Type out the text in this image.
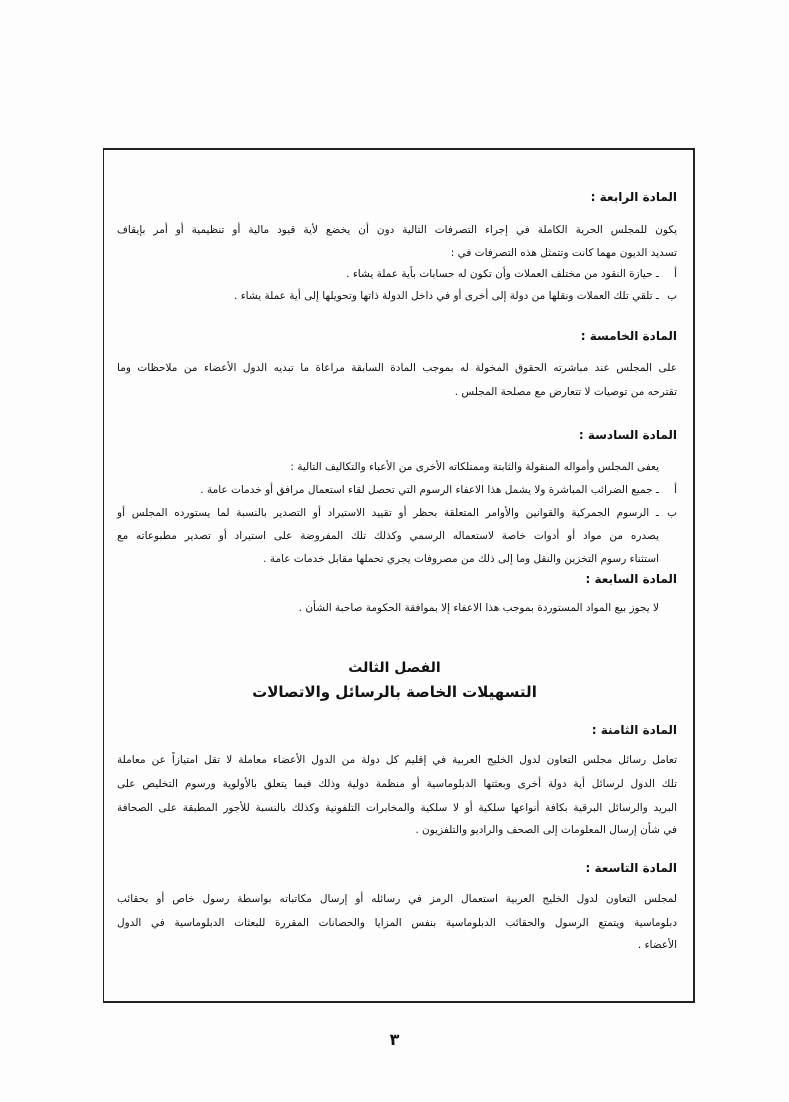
المادة الرابعة :
يكون للمجلس الحرية الكاملة في إجراء التصرفات التالية دون أن يخضع لأية قيود مالية أو تنظيمية أو أمر بإيقاف
تسديد الديون مهما كانت وتتمثل هذه التصرفات في :
أـ حيازة النقود من مختلف العملات وأن تكون له حسابات بأية عملة يشاء .
بـ تلقي تلك العملات ونقلها من دولة إلى أخرى أو في داخل الدولة ذاتها وتحويلها إلى أية عملة يشاء .
المادة الخامسة :
على المجلس عند مباشرته الحقوق المخولة له بموجب المادة السابقة مراعاة ما تبديه الدول الأعضاء من ملاحظات وما
تقترحه من توصيات لا تتعارض مع مصلحة المجلس .
المادة السادسة :
يعفى المجلس وأمواله المنقولة والثابتة وممتلكاته الأخرى من الأعباء والتكاليف التالية :
أـ جميع الضرائب المباشرة ولا يشمل هذا الاعفاء الرسوم التي تحصل لقاء استعمال مرافق أو خدمات عامة .
بـ الرسوم الجمركية والقوانين والأوامر المتعلقة بحظر أو تقييد الاستيراد أو التصدير بالنسبة لما يستورده المجلس أو
يصدره من مواد أو أدوات خاصة لاستعماله الرسمي وكذلك تلك المفروضة على استيراد أو تصدير مطبوعاته مع
استثناء رسوم التخزين والنقل وما إلى ذلك من مصروفات يجري تحملها مقابل خدمات عامة .
المادة السابعة :
لا يجوز بيع المواد المستوردة بموجب هذا الاعفاء إلا بموافقة الحكومة صاحبة الشأن .
الفصل الثالث
التسهيلات الخاصة بالرسائل والاتصالات
المادة الثامنة :
تعامل رسائل مجلس التعاون لدول الخليج العربية في إقليم كل دولة من الدول الأعضاء معاملة لا تقل امتيازاً عن معاملة
تلك الدول لرسائل أية دولة أخرى وبعثتها الدبلوماسية أو منظمة دولية وذلك فيما يتعلق بالأولوية ورسوم التخليص على
البريد والرسائل البرقية بكافة أنواعها سلكية أو لا سلكية والمخابرات التلفونية وكذلك بالنسبة للأجور المطبقة على الصحافة
في شأن إرسال المعلومات إلى الصحف والراديو والتلفزيون .
المادة التاسعة :
لمجلس التعاون لدول الخليج العربية استعمال الرمز في رسائله أو إرسال مكاتباته بواسطة رسول خاص أو بحقائب
دبلوماسية ويتمتع الرسول والحقائب الدبلوماسية بنفس المزايا والحصانات المقررة للبعثات الدبلوماسية في الدول
الأعضاء .
٣
